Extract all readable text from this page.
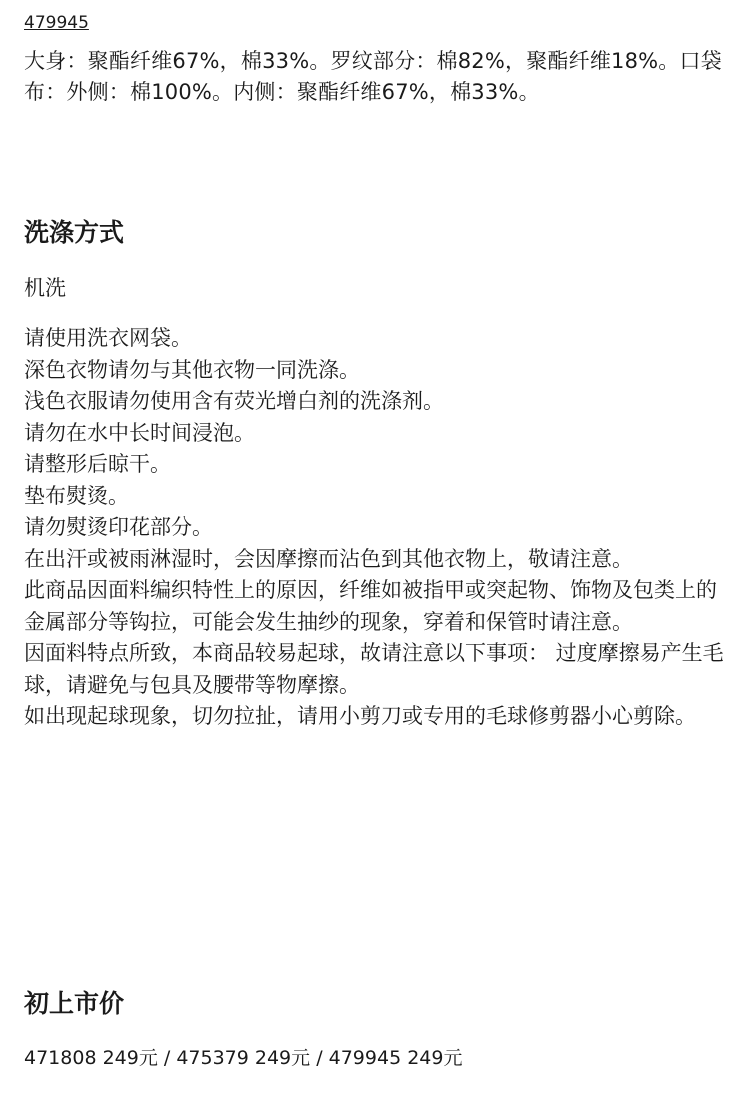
479945
大身：聚酯纤维67%，棉33%。罗纹部分：棉82%，聚酯纤维18%。口袋布：外侧：棉100%。内侧：聚酯纤维67%，棉33%。
洗涤方式
机洗
请使用洗衣网袋。
深色衣物请勿与其他衣物一同洗涤。
浅色衣服请勿使用含有荧光增白剂的洗涤剂。
请勿在水中长时间浸泡。
请整形后晾干。
垫布熨烫。
请勿熨烫印花部分。
在出汗或被雨淋湿时，会因摩擦而沾色到其他衣物上，敬请注意。
此商品因面料编织特性上的原因，纤维如被指甲或突起物、饰物及包类上的金属部分等钩拉，可能会发生抽纱的现象，穿着和保管时请注意。
因面料特点所致，本商品较易起球，故请注意以下事项： 过度摩擦易产生毛球，请避免与包具及腰带等物摩擦。
如出现起球现象，切勿拉扯，请用小剪刀或专用的毛球修剪器小心剪除。
初上市价
471808 249元 / 475379 249元 / 479945 249元
